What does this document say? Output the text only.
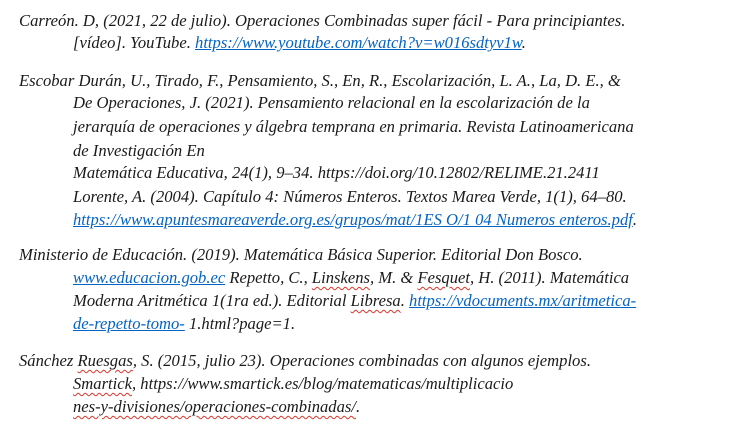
Carreón. D, (2021, 22 de julio). Operaciones Combinadas super fácil - Para principiantes.
[vídeo]. YouTube. https://www.youtube.com/watch?v=w016sdtyv1w.
Escobar Durán, U., Tirado, F., Pensamiento, S., En, R., Escolarización, L. A., La, D. E., &
De Operaciones, J. (2021). Pensamiento relacional en la escolarización de la
jerarquía de operaciones y álgebra temprana en primaria. Revista Latinoamericana
de Investigación En
Matemática Educativa, 24(1), 9–34. https://doi.org/10.12802/RELIME.21.2411
Lorente, A. (2004). Capítulo 4: Números Enteros. Textos Marea Verde, 1(1), 64–80.
https://www.apuntesmareaverde.org.es/grupos/mat/1ES O/1 04 Numeros enteros.pdf.
Ministerio de Educación. (2019). Matemática Básica Superior. Editorial Don Bosco.
www.educacion.gob.ec Repetto, C., Linskens, M. & Fesquet, H. (2011). Matemática
Moderna Aritmética 1(1ra ed.). Editorial Libresa. https://vdocuments.mx/aritmetica-
de-repetto-tomo- 1.html?page=1.
Sánchez Ruesgas, S. (2015, julio 23). Operaciones combinadas con algunos ejemplos.
Smartick, https://www.smartick.es/blog/matematicas/multiplicacio
nes-y-divisiones/operaciones-combinadas/.
